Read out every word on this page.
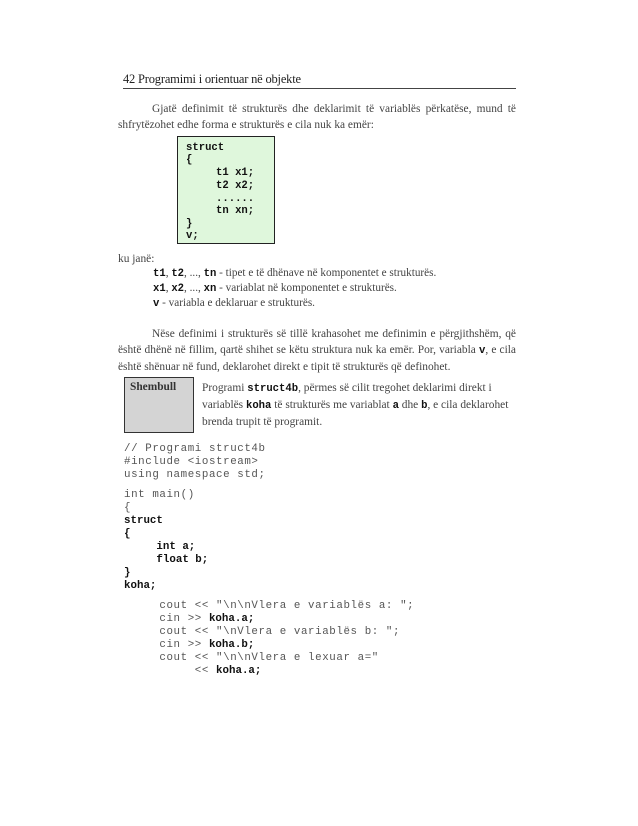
42 Programimi i orientuar në objekte
Gjatë definimit të strukturës dhe deklarimit të variablës përkatëse, mund të shfrytëzohet edhe forma e strukturës e cila nuk ka emër:
struct
{
t1 x1;
t2 x2;
......
tn xn;
}
v;
ku janë:
t1, t2, ..., tn - tipet e të dhënave në komponentet e strukturës.
x1, x2, ..., xn - variablat në komponentet e strukturës.
v - variabla e deklaruar e strukturës.
Nëse definimi i strukturës së tillë krahasohet me definimin e përgjithshëm, që është dhënë në fillim, qartë shihet se këtu struktura nuk ka emër. Por, variabla v, e cila është shënuar në fund, deklarohet direkt e tipit të strukturës që definohet.
Shembull Programi struct4b, përmes së cilit tregohet deklarimi direkt i variablës koha të strukturës me variablat a dhe b, e cila deklarohet brenda trupit të programit.
// Programi struct4b
#include <iostream>
using namespace std;
int main()
{
struct
{
int a;
float b;
}
koha;
cout << "\n\nVlera e variablës a: ";
cin >> koha.a;
cout << "\nVlera e variablës b: ";
cin >> koha.b;
cout << "\n\nVlera e lexuar a="
<< koha.a;
